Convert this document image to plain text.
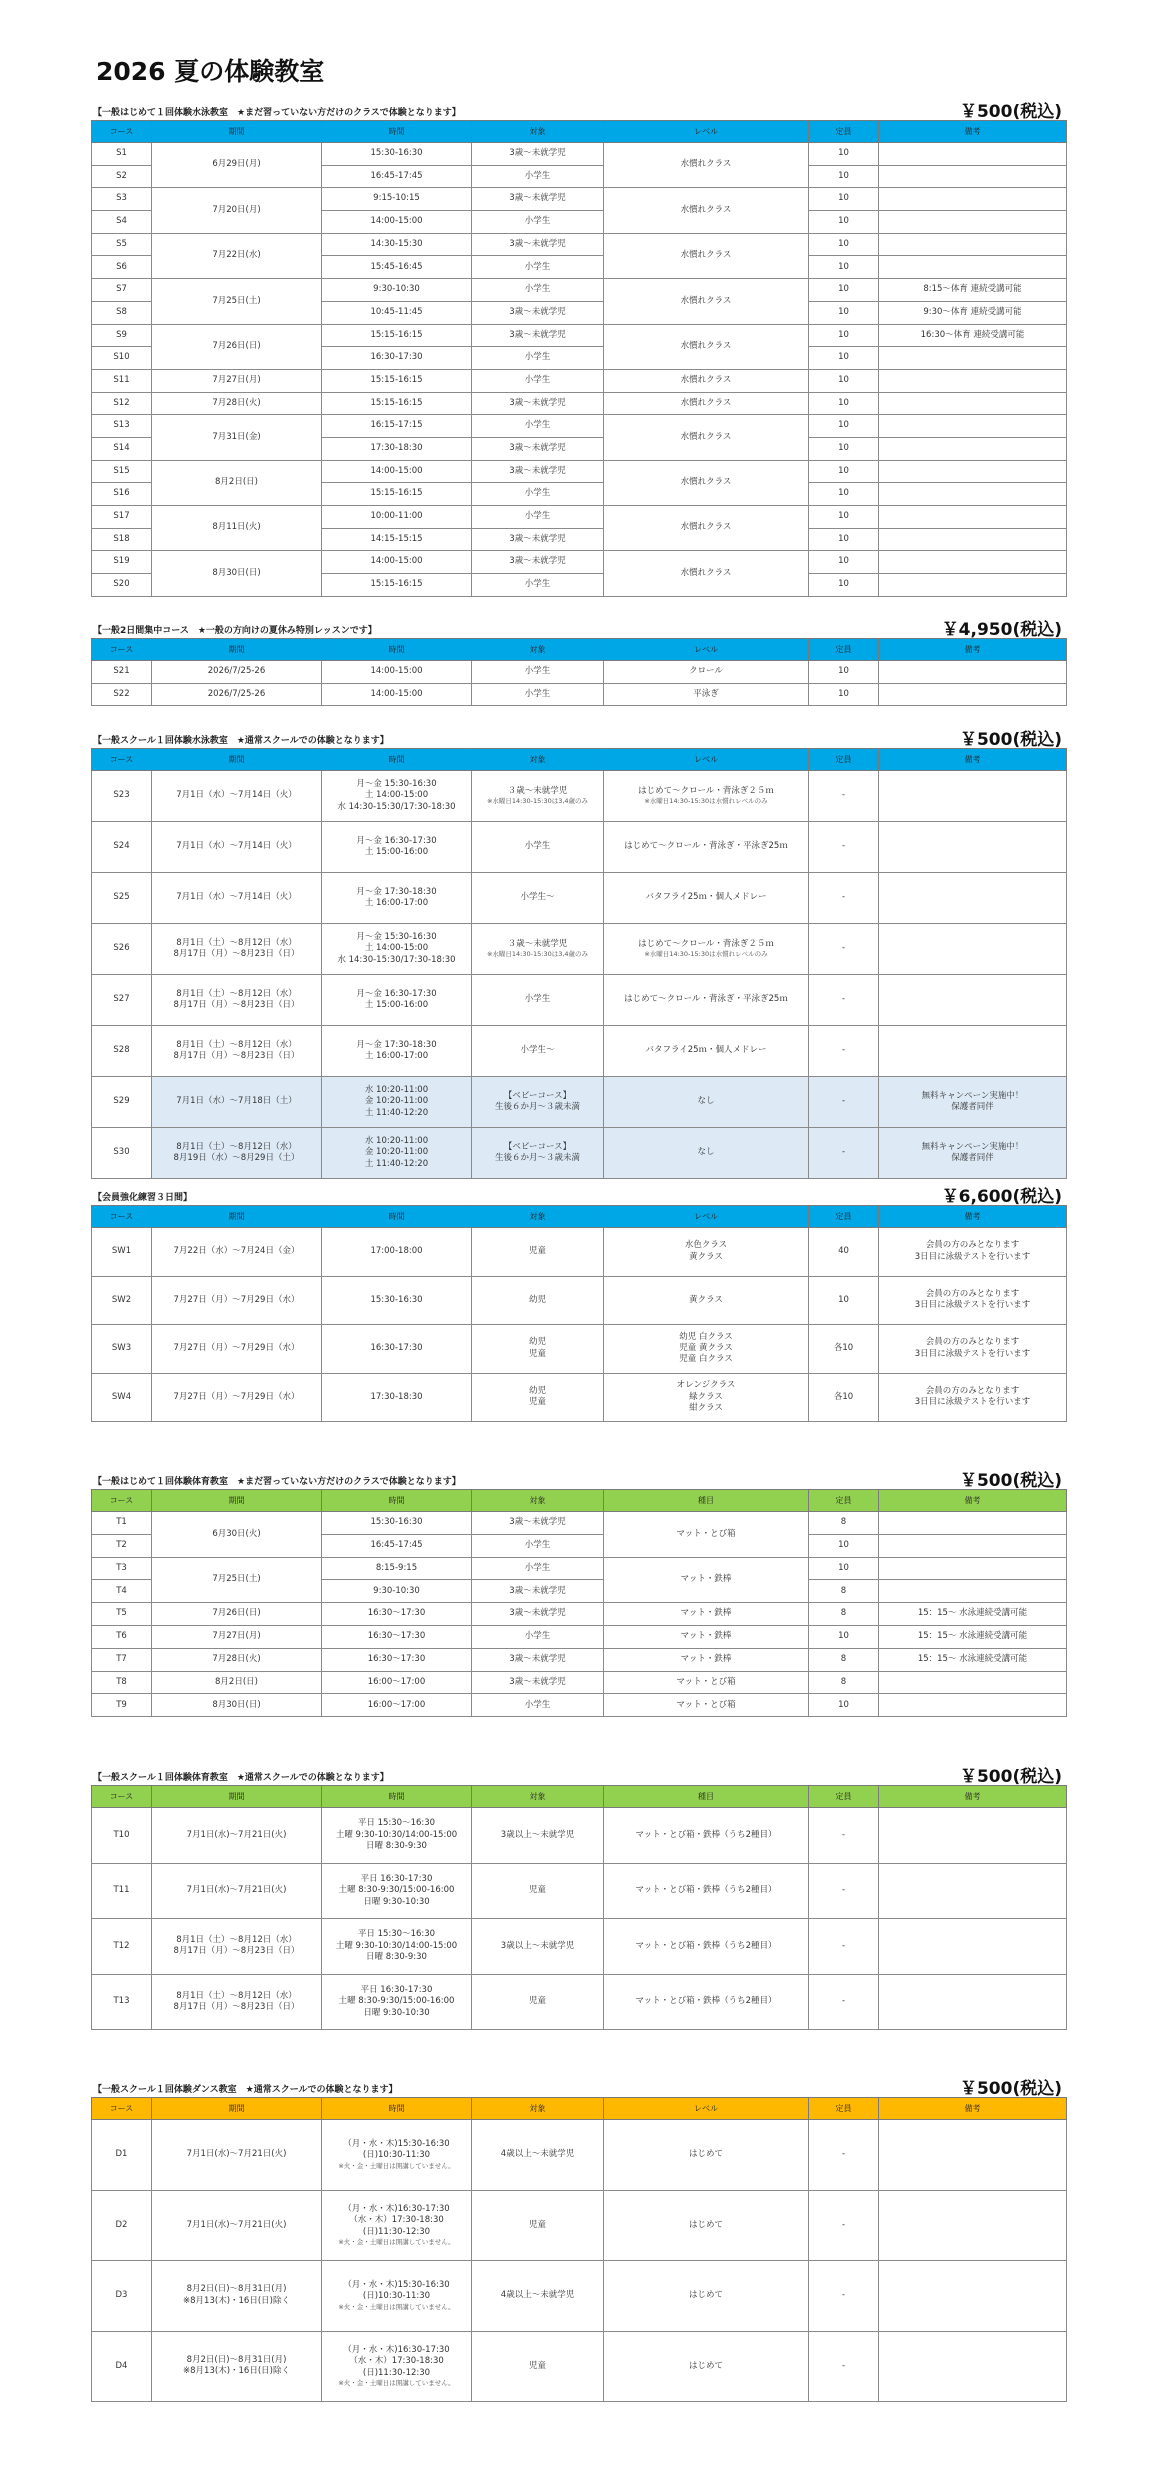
2026 夏の体験教室
【一般はじめて１回体験水泳教室　★まだ習っていない方だけのクラスで体験となります】	￥500(税込)
コース	期間	時間	対象	レベル	定員	備考
S1	6月29日(月)	15:30-16:30	3歳～未就学児	水慣れクラス	10	
S2		16:45-17:45	小学生		10	
S3	7月20日(月)	9:15-10:15	3歳～未就学児	水慣れクラス	10	
S4		14:00-15:00	小学生		10	
S5	7月22日(水)	14:30-15:30	3歳～未就学児	水慣れクラス	10	
S6		15:45-16:45	小学生		10	
S7	7月25日(土)	9:30-10:30	小学生	水慣れクラス	10	8:15～体育 連続受講可能
S8		10:45-11:45	3歳～未就学児		10	9:30～体育 連続受講可能
S9	7月26日(日)	15:15-16:15	3歳～未就学児	水慣れクラス	10	16:30～体育 連続受講可能
S10		16:30-17:30	小学生		10	
S11	7月27日(月)	15:15-16:15	小学生	水慣れクラス	10	
S12	7月28日(火)	15:15-16:15	3歳～未就学児	水慣れクラス	10	
S13	7月31日(金)	16:15-17:15	小学生	水慣れクラス	10	
S14		17:30-18:30	3歳～未就学児		10	
S15	8月2日(日)	14:00-15:00	3歳～未就学児	水慣れクラス	10	
S16		15:15-16:15	小学生		10	
S17	8月11日(火)	10:00-11:00	小学生	水慣れクラス	10	
S18		14:15-15:15	3歳～未就学児		10	
S19	8月30日(日)	14:00-15:00	3歳～未就学児	水慣れクラス	10	
S20		15:15-16:15	小学生		10	
【一般2日間集中コース　★一般の方向けの夏休み特別レッスンです】	￥4,950(税込)
コース	期間	時間	対象	レベル	定員	備考
S21	2026/7/25-26	14:00-15:00	小学生	クロール	10	
S22	2026/7/25-26	14:00-15:00	小学生	平泳ぎ	10	
【一般スクール１回体験水泳教室　★通常スクールでの体験となります】	￥500(税込)
コース	期間	時間	対象	レベル	定員	備考
S23	7月1日（水）～7月14日（火）	月～金 15:30-16:30
土 14:00-15:00
水 14:30-15:30/17:30-18:30	３歳～未就学児
※水曜日14:30-15:30は3,4歳のみ	はじめて～クロール・背泳ぎ２５ｍ
※水曜日14:30-15:30は水慣れレベルのみ	-	
S24	7月1日（水）～7月14日（火）	月～金 16:30-17:30
土 15:00-16:00	小学生	はじめて～クロール・背泳ぎ・平泳ぎ25ｍ	-	
S25	7月1日（水）～7月14日（火）	月～金 17:30-18:30
土 16:00-17:00	小学生～	バタフライ25ｍ・個人メドレー	-	
S26	8月1日（土）～8月12日（水）
8月17日（月）～8月23日（日）	月～金 15:30-16:30
土 14:00-15:00
水 14:30-15:30/17:30-18:30	３歳～未就学児
※水曜日14:30-15:30は3,4歳のみ	はじめて～クロール・背泳ぎ２５ｍ
※水曜日14:30-15:30は水慣れレベルのみ	-	
S27	8月1日（土）～8月12日（水）
8月17日（月）～8月23日（日）	月～金 16:30-17:30
土 15:00-16:00	小学生	はじめて～クロール・背泳ぎ・平泳ぎ25ｍ	-	
S28	8月1日（土）～8月12日（水）
8月17日（月）～8月23日（日）	月～金 17:30-18:30
土 16:00-17:00	小学生～	バタフライ25ｍ・個人メドレー	-	
S29	7月1日（水）～7月18日（土）	水 10:20-11:00
金 10:20-11:00
土 11:40-12:20	【ベビーコース】
生後６か月～３歳未満	なし	-	無料キャンペーン実施中！
保護者同伴

S30	8月1日（土）～8月12日（水）
8月19日（水）～8月29日（土）	水 10:20-11:00
金 10:20-11:00
土 11:40-12:20	【ベビーコース】
生後６か月～３歳未満	なし	-	無料キャンペーン実施中！
保護者同伴
【会員強化練習３日間】	￥6,600(税込)
コース	期間	時間	対象	レベル	定員	備考
SW1	7月22日（水）～7月24日（金）	17:00-18:00	児童	水色クラス
黄クラス	40	会員の方のみとなります
3日目に泳級テストを行います

SW2	7月27日（月）～7月29日（水）	15:30-16:30	幼児	黄クラス	10	会員の方のみとなります
3日目に泳級テストを行います

SW3	7月27日（月）～7月29日（水）	16:30-17:30	幼児
児童	幼児 白クラス
児童 黄クラス
児童 白クラス	各10	会員の方のみとなります
3日目に泳級テストを行います

SW4	7月27日（月）～7月29日（水）	17:30-18:30	幼児
児童	オレンジクラス
緑クラス
紺クラス	各10	会員の方のみとなります
3日目に泳級テストを行います
【一般はじめて１回体験体育教室　★まだ習っていない方だけのクラスで体験となります】	￥500(税込)
コース	期間	時間	対象	種目	定員	備考
T1	6月30日(火)	15:30-16:30	3歳～未就学児	マット・とび箱	8	
T2		16:45-17:45	小学生		10	
T3	7月25日(土)	8:15-9:15	小学生	マット・鉄棒	10	
T4		9:30-10:30	3歳～未就学児		8	
T5	7月26日(日)	16:30～17:30	3歳～未就学児	マット・鉄棒	8	15：15～ 水泳連続受講可能
T6	7月27日(月)	16:30～17:30	小学生	マット・鉄棒	10	15：15～ 水泳連続受講可能
T7	7月28日(火)	16:30～17:30	3歳～未就学児	マット・鉄棒	8	15：15～ 水泳連続受講可能
T8	8月2日(日)	16:00～17:00	3歳～未就学児	マット・とび箱	8	
T9	8月30日(日)	16:00～17:00	小学生	マット・とび箱	10	
【一般スクール１回体験体育教室　★通常スクールでの体験となります】	￥500(税込)
コース	期間	時間	対象	種目	定員	備考
T10	7月1日(水)～7月21日(火)	平日 15:30～16:30
土曜 9:30-10:30/14:00-15:00
日曜 8:30-9:30	3歳以上～未就学児	マット・とび箱・鉄棒（うち2種目）	-	
T11	7月1日(水)～7月21日(火)	平日 16:30-17:30
土曜 8:30-9:30/15:00-16:00
日曜 9:30-10:30	児童	マット・とび箱・鉄棒（うち2種目）	-	
T12	8月1日（土）～8月12日（水）
8月17日（月）～8月23日（日）	平日 15:30～16:30
土曜 9:30-10:30/14:00-15:00
日曜 8:30-9:30	3歳以上～未就学児	マット・とび箱・鉄棒（うち2種目）	-	
T13	8月1日（土）～8月12日（水）
8月17日（月）～8月23日（日）	平日 16:30-17:30
土曜 8:30-9:30/15:00-16:00
日曜 9:30-10:30	児童	マット・とび箱・鉄棒（うち2種目）	-	
【一般スクール１回体験ダンス教室　★通常スクールでの体験となります】	￥500(税込)
コース	期間	時間	対象	レベル	定員	備考
D1	7月1日(水)～7月21日(火)	（月・水・木)15:30-16:30
(日)10:30-11:30
※火・金・土曜日は開講していません。	4歳以上～未就学児	はじめて	-	
D2	7月1日(水)～7月21日(火)	（月・水・木)16:30-17:30
（水・木）17:30-18:30
(日)11:30-12:30
※火・金・土曜日は開講していません。	児童	はじめて	-	
D3	8月2日(日)～8月31日(月)
※8月13(木)・16日(日)除く	（月・水・木)15:30-16:30
(日)10:30-11:30
※火・金・土曜日は開講していません。	4歳以上～未就学児	はじめて	-	
D4	8月2日(日)～8月31日(月)
※8月13(木)・16日(日)除く	（月・水・木)16:30-17:30
（水・木）17:30-18:30
(日)11:30-12:30
※火・金・土曜日は開講していません。	児童	はじめて	-	
